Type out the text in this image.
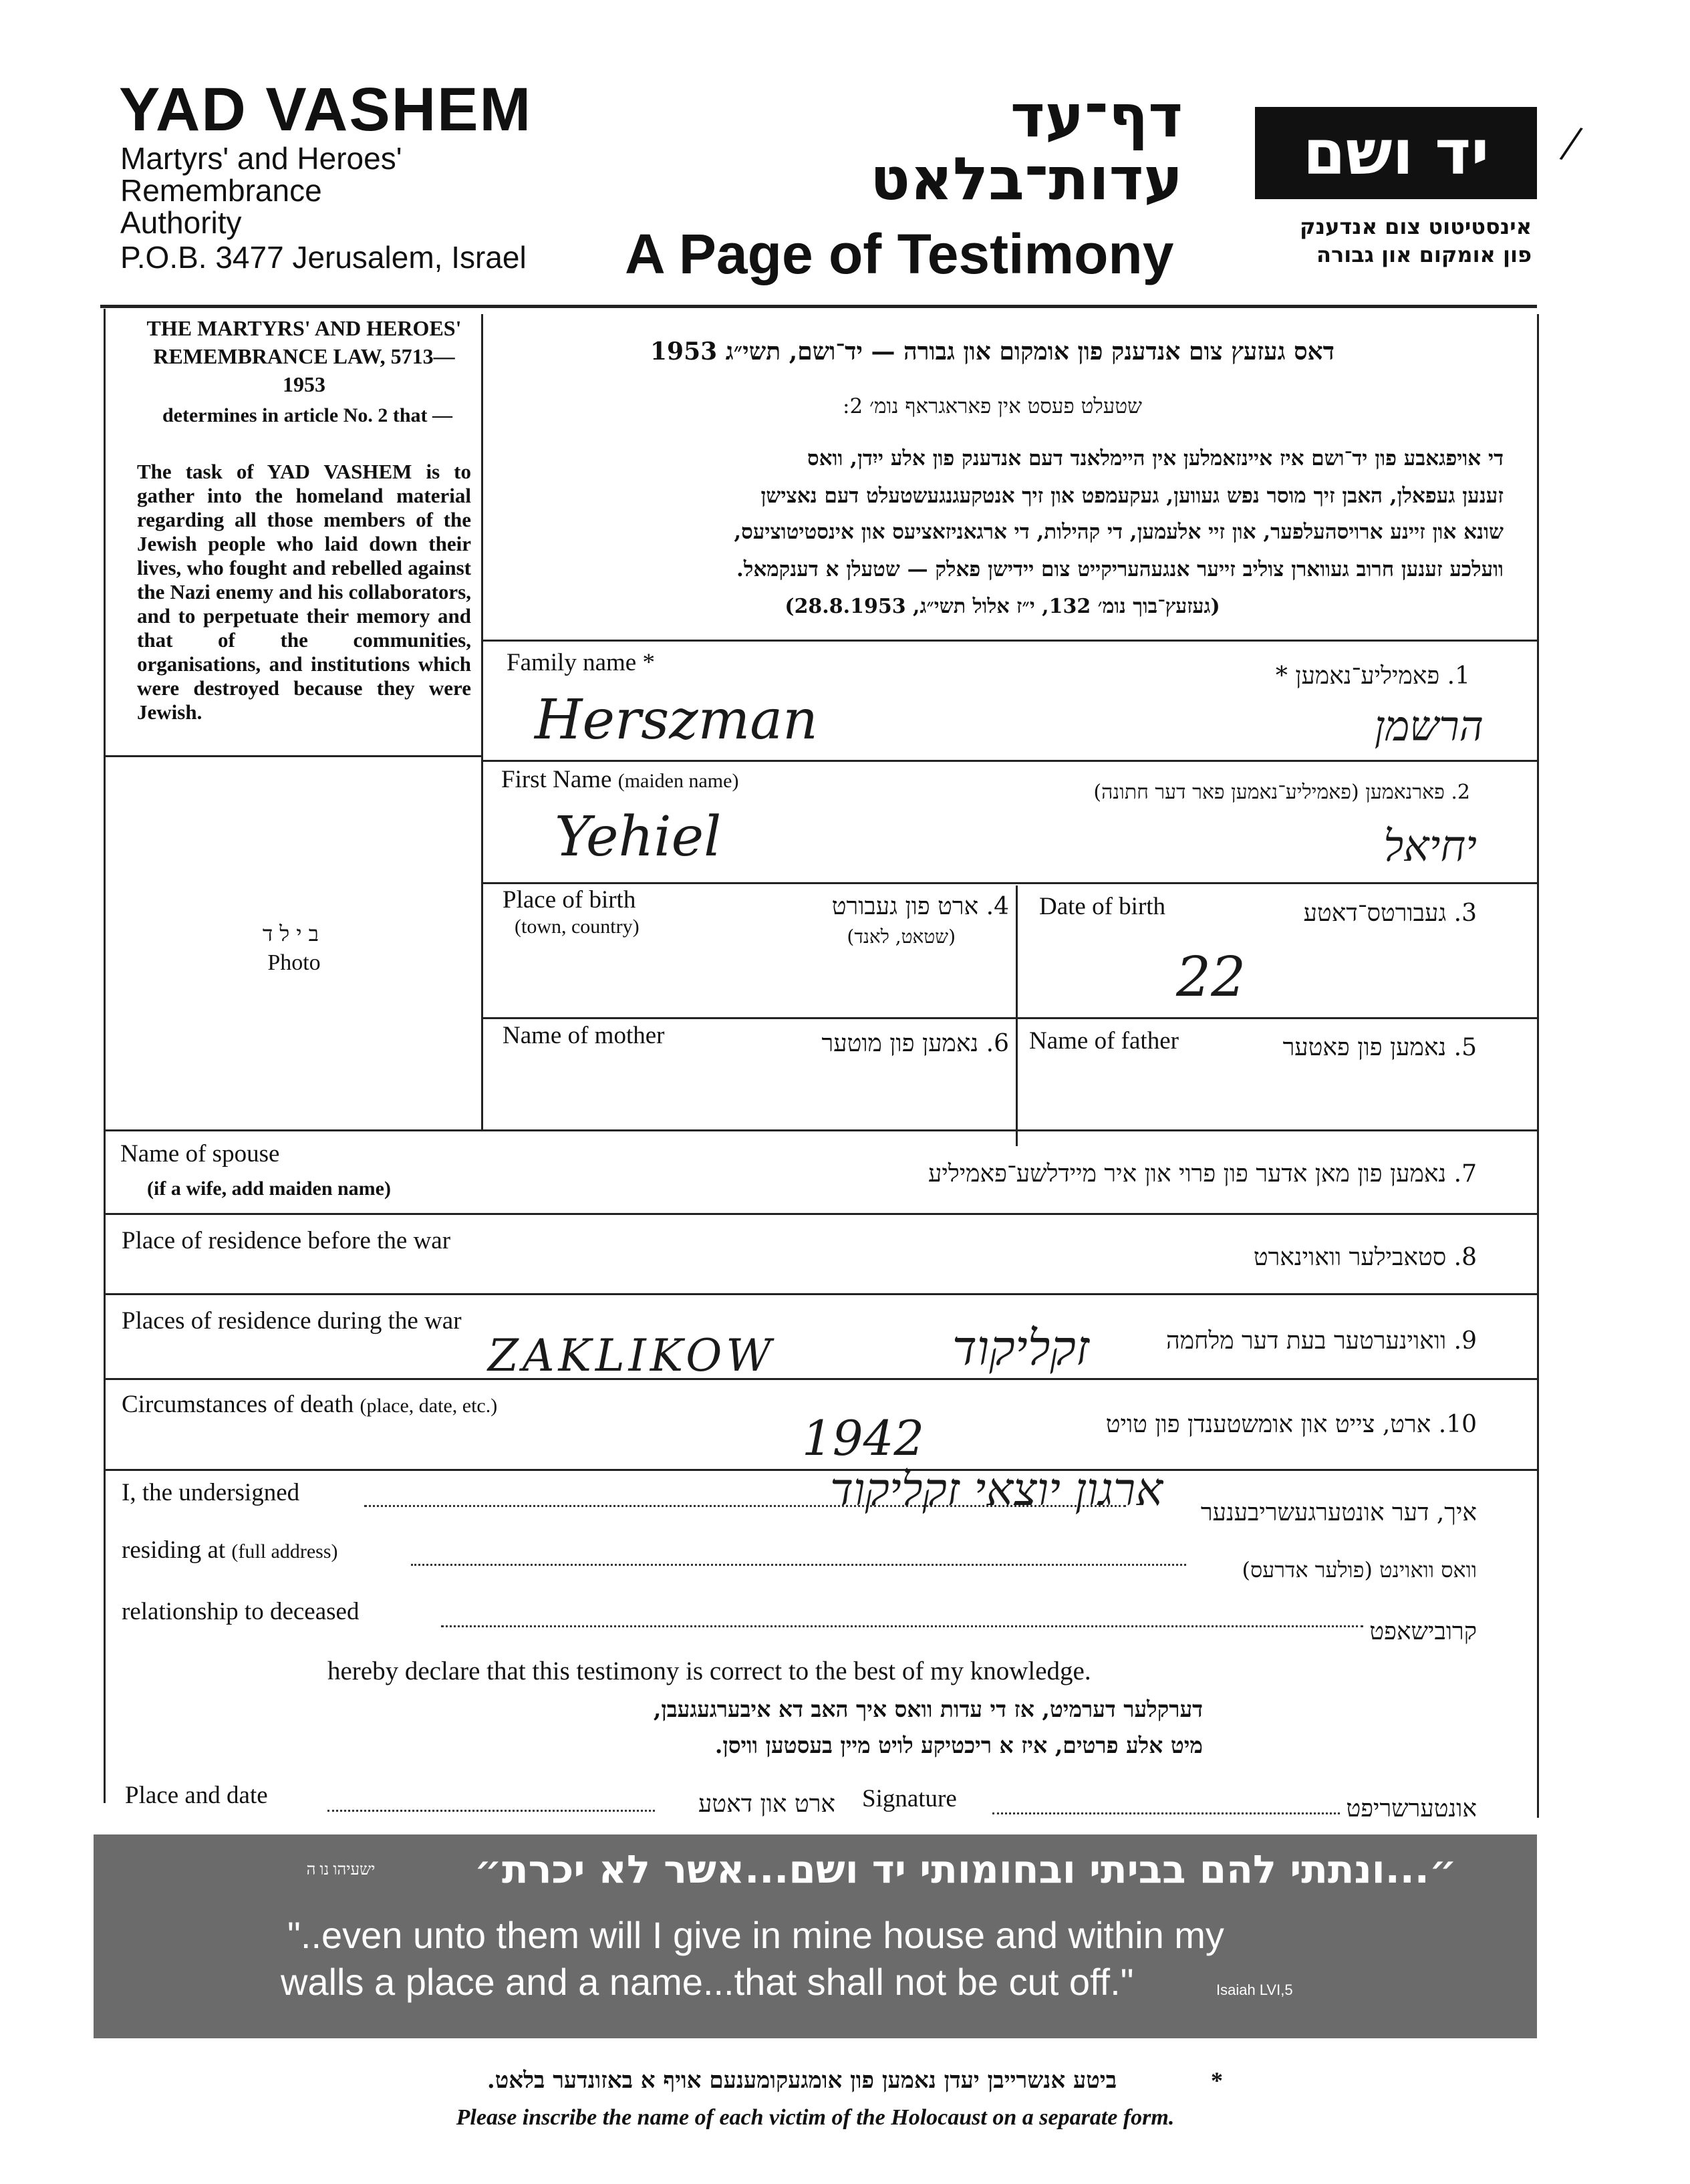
YAD VASHEM
Martyrs' and Heroes'
Remembrance
Authority
P.O.B. 3477 Jerusalem, Israel
דף־עד
עדות־בלאט
A Page of Testimony
יד ושם
אינסטיטוט צום אנדענק
פון אומקום און גבורה
/
THE MARTYRS' AND HEROES' REMEMBRANCE LAW, 5713—1953
determines in article No. 2 that —
The task of YAD VASHEM is to gather into the homeland material regarding all those members of the Jewish people who laid down their lives, who fought and rebelled against the Nazi enemy and his collaborators, and to perpetuate their memory and that of the communities, organisations, and institutions which were destroyed because they were Jewish.
בילד
Photo
דאס געזעץ צום אנדענק פון אומקום און גבורה — יד־ושם, תשי״ג 1953
שטעלט פעסט אין פאראגראף נומ׳ 2:
די אויפגאבע פון יד־ושם איז איינזאמלען אין היימלאנד דעם אנדענק פון אלע ייִדן, וואס
זענען געפאלן, האבן זיך מוסר נפש געווען, געקעמפט און זיך אנטקעגנגעשטעלט דעם נאצישן
שונא און זיינע ארויסהעלפער, און זיי אלעמען, די קהילות, די ארגאניזאציעס און אינסטיטוציעס,
וועלכע זענען חרוב געווארן צוליב זייער אנגעהעריקייט צום יידישן פאלק — שטעלן א דענקמאל.
(געזעץ־בוך נומ׳ 132, י״ז אלול תשי״ג, 28.8.1953)
Family name *	1. פאמיליע־נאמען *
Herszman	הרשמן
First Name (maiden name)	2. פארנאמען (פאמיליע־נאמען פאר דער חתונה)
Yehiel	יחיאל
Place of birth
(town, country)
4. ארט פון געבורט
(שטאט, לאנד)
Date of birth	3. געבורטס־דאטע
22
Name of mother	6. נאמען פון מוטער Name of father	5. נאמען פון פאטער
Name of spouse
(if a wife, add maiden name)
7. נאמען פון מאן אדער פון פרוי און איר מיידלשע־פאמיליע
Place of residence before the war
8. סטאבילער וואוינארט
Places of residence during the war
9. וואוינערטער בעת דער מלחמה
ZAKLIKOW	זקליקוד
Circumstances of death (place, date, etc.)
10. ארט, צייט און אומשטענדן פון טויט
1942
I, the undersigned	ארגון יוצאי זקליקוד	איך, דער אונטערגעשריבענער
residing at (full address)
וואס וואוינט (פולער אדרעס)
relationship to deceased
קרובישאפט
hereby declare that this testimony is correct to the best of my knowledge.
דערקלער דערמיט, אז די עדות וואס איך האב דא איבערגעגעבן,
מיט אלע פרטים, איז א ריכטיקע לויט מיין בעסטען וויסן.
Place and date	ארט און דאטע Signature	אונטערשריפט
״...ונתתי להם בביתי ובחומותי יד ושם...אשר לא יכרת״
ישעיהו נו ה
"..even unto them will I give in mine house and within my
walls a place and a name...that shall not be cut off."	Isaiah LVI,5
ביטע אנשרייבן יעדן נאמען פון אומגעקומענעם אויף א באזונדער בלאט.	*
Please inscribe the name of each victim of the Holocaust on a separate form.
